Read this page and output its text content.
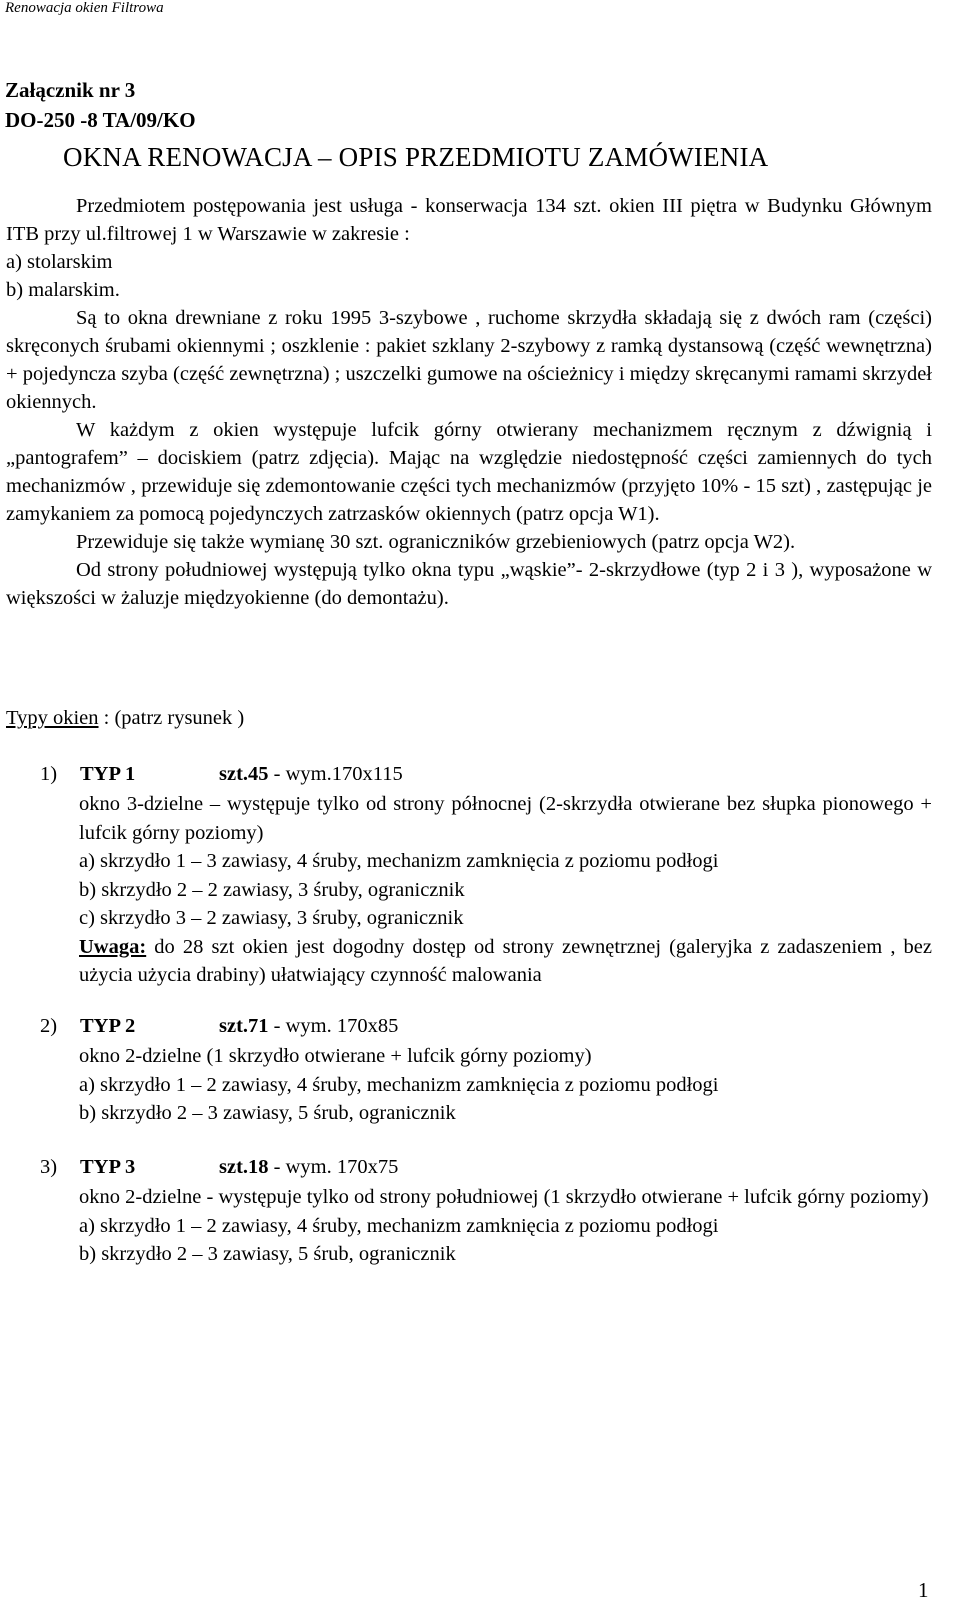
Renowacja okien Filtrowa
Załącznik nr 3
DO-250 -8 TA/09/KO
OKNA RENOWACJA – OPIS PRZEDMIOTU ZAMÓWIENIA

Przedmiotem postępowania jest usługa - konserwacja 134 szt. okien III piętra w Budynku Głównym ITB przy ul.filtrowej 1 w Warszawie w zakresie :

a) stolarskim

b) malarskim.

Są to okna drewniane z roku 1995 3-szybowe , ruchome skrzydła składają się z dwóch ram (części) skręconych śrubami okiennymi ; oszklenie : pakiet szklany 2-szybowy z ramką dystansową (część wewnętrzna) + pojedyncza szyba (część zewnętrzna) ; uszczelki gumowe na ościeżnicy i między skręcanymi ramami skrzydeł okiennych.

W każdym z okien występuje lufcik górny otwierany mechanizmem ręcznym z dźwignią i „pantografem” – dociskiem (patrz zdjęcia). Mając na względzie niedostępność części zamiennych do tych mechanizmów , przewiduje się zdemontowanie części tych mechanizmów (przyjęto 10% - 15 szt) , zastępując je zamykaniem za pomocą pojedynczych zatrzasków okiennych (patrz opcja W1).

Przewiduje się także wymianę 30 szt. ograniczników grzebieniowych (patrz opcja W2).

Od strony południowej występują tylko okna typu „wąskie”- 2-skrzydłowe (typ 2 i 3 ), wyposażone w większości w żaluzje międzyokienne (do demontażu).

Typy okien : (patrz rysunek )
1) TYP 1	szt.45 - wym.170x115

okno 3-dzielne – występuje tylko od strony północnej (2-skrzydła otwierane bez słupka pionowego + lufcik górny poziomy)

a) skrzydło 1 – 3 zawiasy, 4 śruby, mechanizm zamknięcia z poziomu podłogi

b) skrzydło 2 – 2 zawiasy, 3 śruby, ogranicznik

c) skrzydło 3 – 2 zawiasy, 3 śruby, ogranicznik

Uwaga: do 28 szt okien jest dogodny dostęp od strony zewnętrznej (galeryjka z zadaszeniem , bez użycia użycia drabiny) ułatwiający czynność malowania

2) TYP 2	szt.71 - wym. 170x85

okno 2-dzielne (1 skrzydło otwierane + lufcik górny poziomy)

a) skrzydło 1 – 2 zawiasy, 4 śruby, mechanizm zamknięcia z poziomu podłogi

b) skrzydło 2 – 3 zawiasy, 5 śrub, ogranicznik

3) TYP 3	szt.18 - wym. 170x75

okno 2-dzielne - występuje tylko od strony południowej (1 skrzydło otwierane + lufcik górny poziomy)

a) skrzydło 1 – 2 zawiasy, 4 śruby, mechanizm zamknięcia z poziomu podłogi

b) skrzydło 2 – 3 zawiasy, 5 śrub, ogranicznik

1
